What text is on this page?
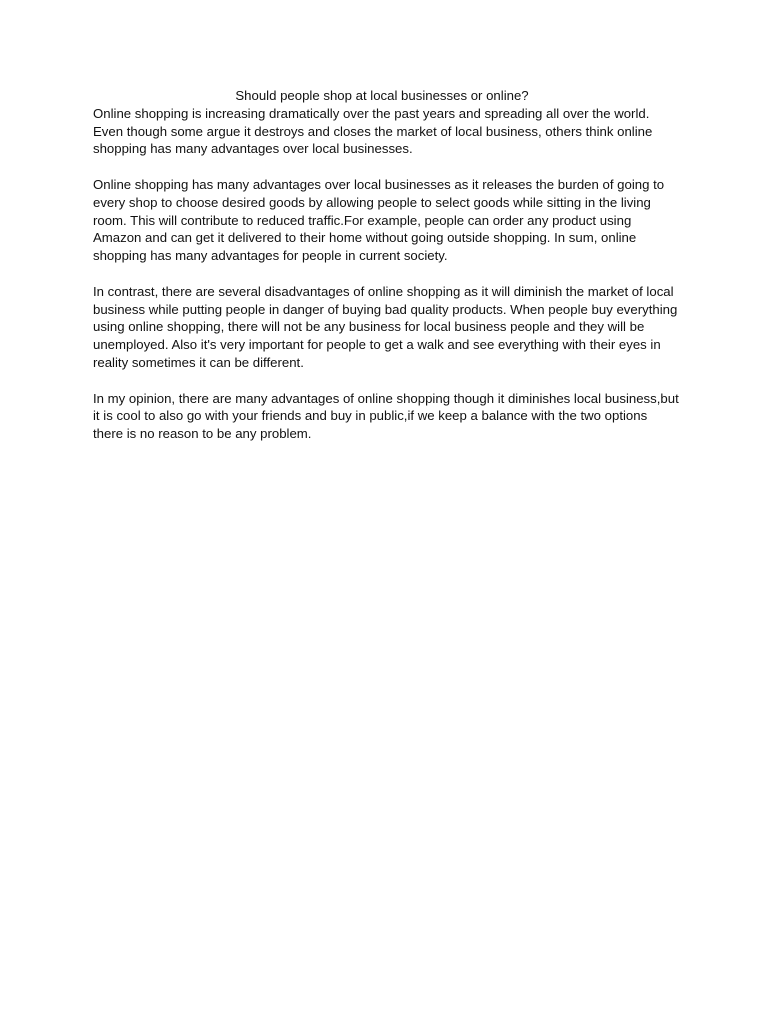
Should people shop at local businesses or online?

Online shopping is increasing dramatically over the past years and spreading all over the world. Even though some argue it destroys and closes the market of local business, others think online shopping has many advantages over local businesses.

Online shopping has many advantages over local businesses as it releases the burden of going to every shop to choose desired goods by allowing people to select goods while sitting in the living room. This will contribute to reduced traffic.For example, people can order any product using Amazon and can get it delivered to their home without going outside shopping. In sum, online shopping has many advantages for people in current society.

In contrast, there are several disadvantages of online shopping as it will diminish the market of local business while putting people in danger of buying bad quality products. When people buy everything using online shopping, there will not be any business for local business people and they will be unemployed. Also it's very important for people to get a walk and see everything with their eyes in reality sometimes it can be different.

In my opinion, there are many advantages of online shopping though it diminishes local business,but it is cool to also go with your friends and buy in public,if we keep a balance with the two options there is no reason to be any problem.
